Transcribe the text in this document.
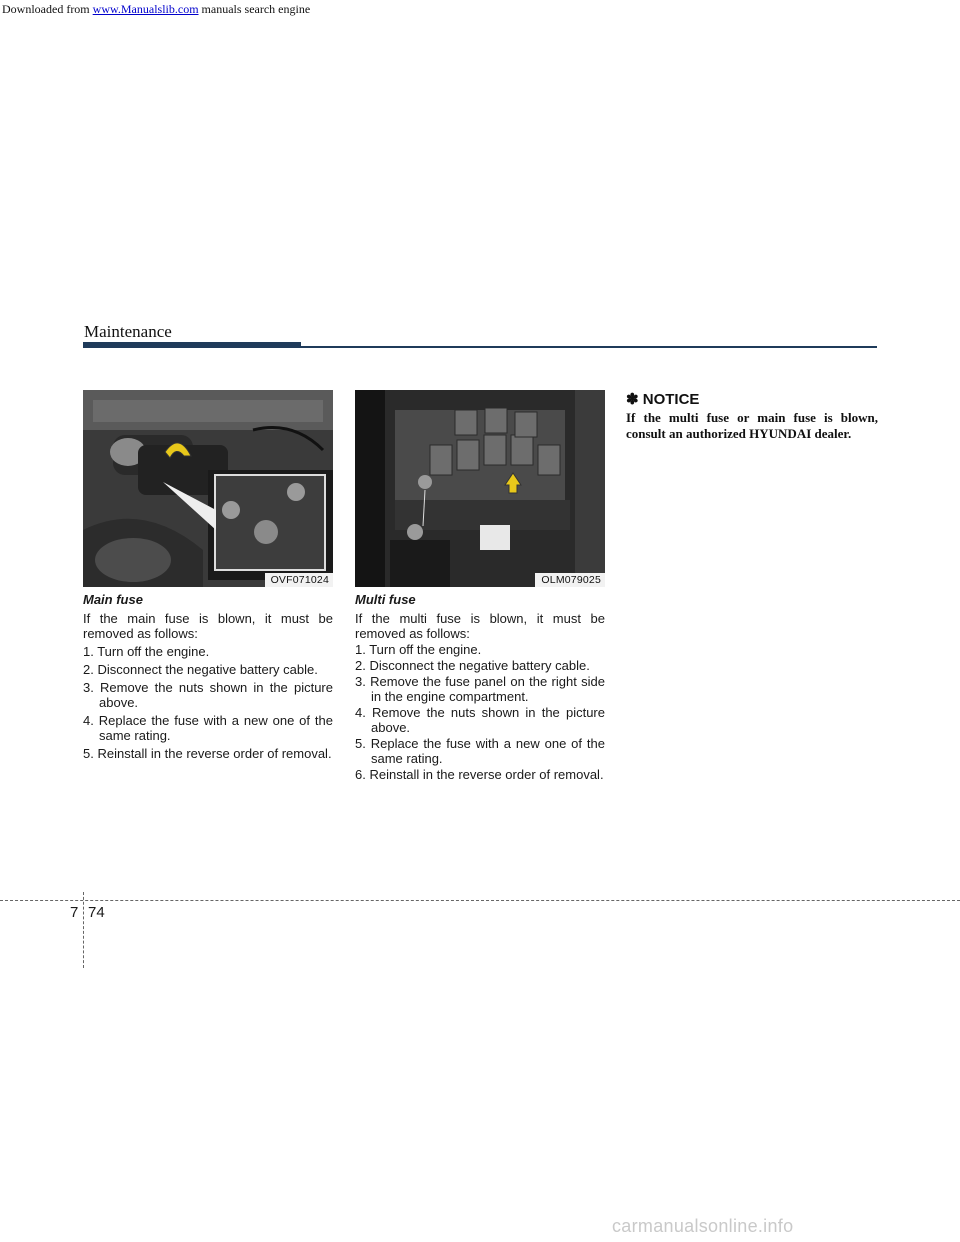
Downloaded from www.Manualslib.com manuals search engine
Maintenance
OVF071024	OLM079025
Main fuse

If the main fuse is blown, it must be removed as follows:

1. Turn off the engine.
2. Disconnect the negative battery cable.
3. Remove the nuts shown in the picture above.
4. Replace the fuse with a new one of the same rating.
5. Reinstall in the reverse order of removal.
Multi fuse

If the multi fuse is blown, it must be removed as follows:

1. Turn off the engine.
2. Disconnect the negative battery cable.
3. Remove the fuse panel on the right side in the engine compartment.
4. Remove the nuts shown in the picture above.
5. Replace the fuse with a new one of the same rating.
6. Reinstall in the reverse order of removal.
✽ NOTICE
If the multi fuse or main fuse is blown, consult an authorized HYUNDAI dealer.
7 74
carmanualsonline.info
